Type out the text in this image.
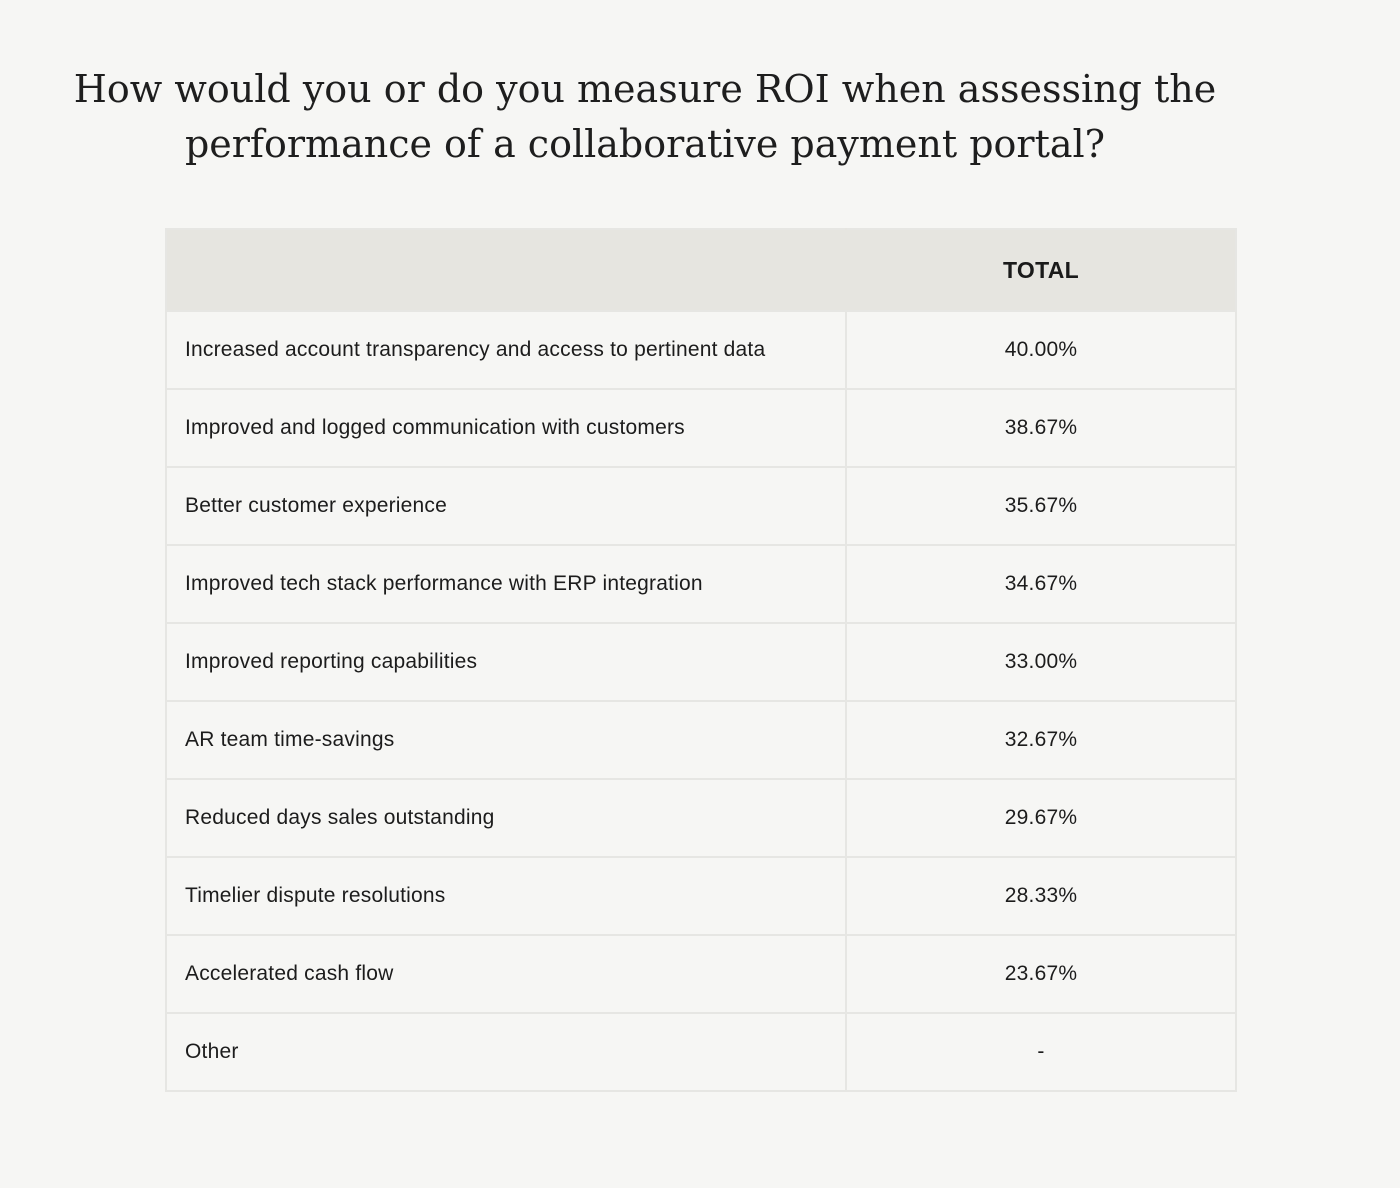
How would you or do you measure ROI when assessing the
performance of a collaborative payment portal?
	TOTAL
Increased account transparency and access to pertinent data	40.00%
Improved and logged communication with customers	38.67%
Better customer experience	35.67%
Improved tech stack performance with ERP integration	34.67%
Improved reporting capabilities	33.00%
AR team time-savings	32.67%
Reduced days sales outstanding	29.67%
Timelier dispute resolutions	28.33%
Accelerated cash flow	23.67%
Other	-
